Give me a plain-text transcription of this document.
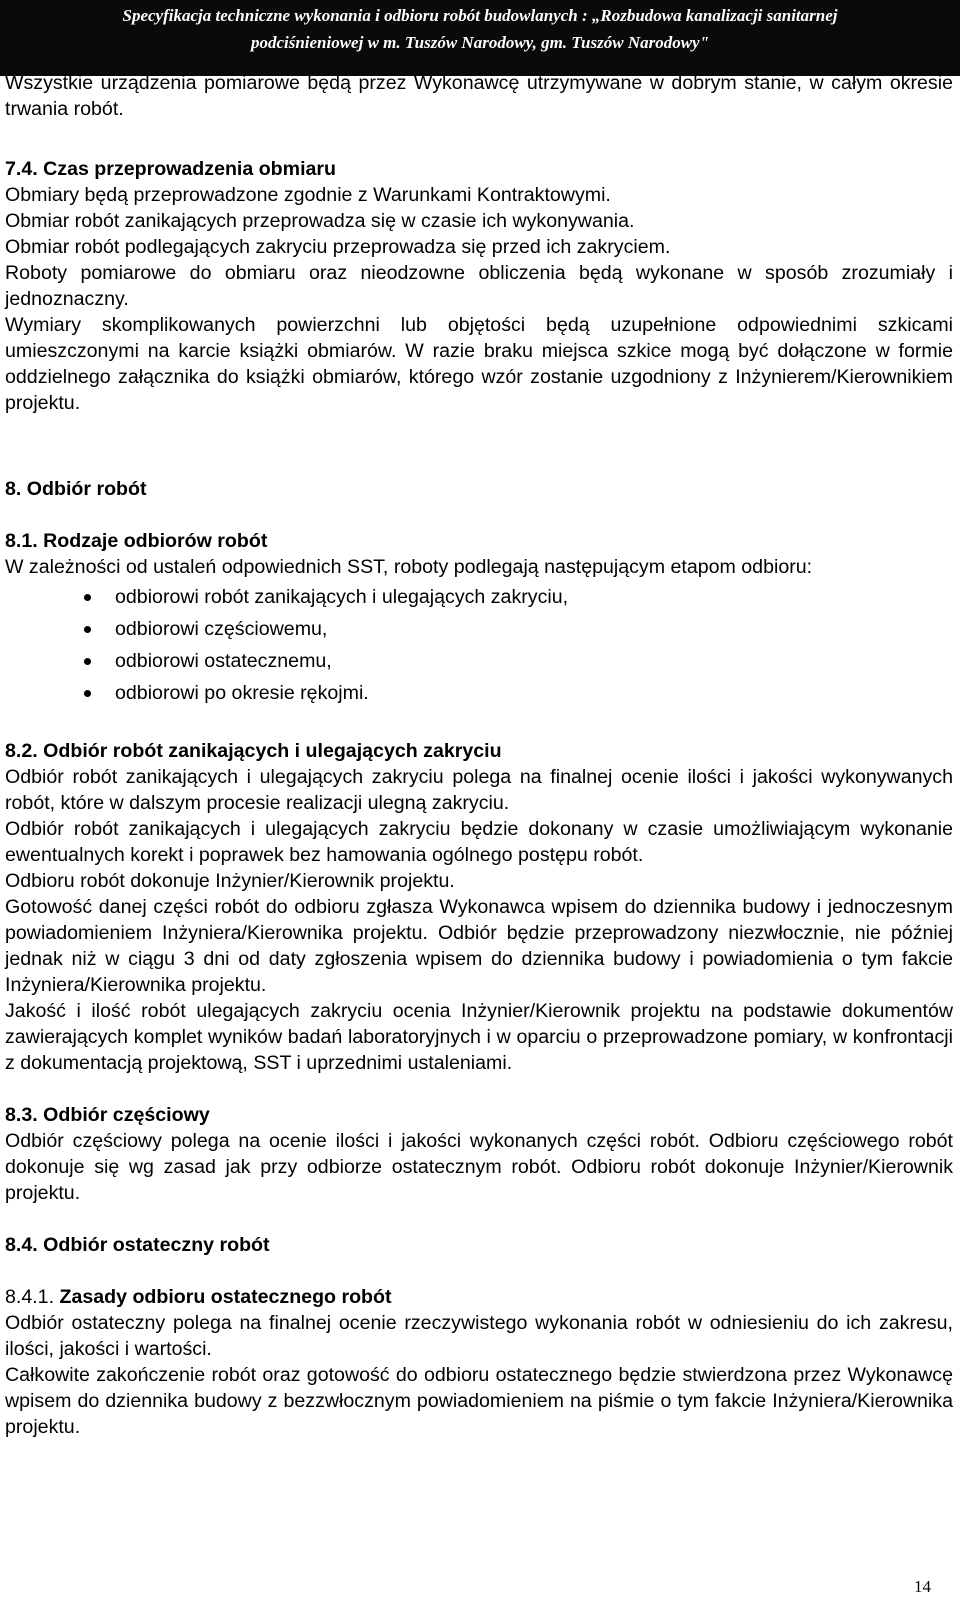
Specyfikacja techniczne wykonania i odbioru robót budowlanych : „Rozbudowa kanalizacji sanitarnej
podciśnieniowej w m. Tuszów Narodowy, gm. Tuszów Narodowy"

Wszystkie urządzenia pomiarowe będą przez Wykonawcę utrzymywane w dobrym stanie, w całym okresie trwania robót.

7.4. Czas przeprowadzenia obmiaru

Obmiary będą przeprowadzone zgodnie z Warunkami Kontraktowymi.

Obmiar robót zanikających przeprowadza się w czasie ich wykonywania.

Obmiar robót podlegających zakryciu przeprowadza się przed ich zakryciem.

Roboty pomiarowe do obmiaru oraz nieodzowne obliczenia będą wykonane w sposób zrozumiały i jednoznaczny.

Wymiary skomplikowanych powierzchni lub objętości będą uzupełnione odpowiednimi szkicami umieszczonymi na karcie książki obmiarów. W razie braku miejsca szkice mogą być dołączone w formie oddzielnego załącznika do książki obmiarów, którego wzór zostanie uzgodniony z Inżynierem/Kierownikiem projektu.

8. Odbiór robót

8.1. Rodzaje odbiorów robót

W zależności od ustaleń odpowiednich SST, roboty podlegają następującym etapom odbioru:

odbiorowi robót zanikających i ulegających zakryciu,
odbiorowi częściowemu,
odbiorowi ostatecznemu,
odbiorowi po okresie rękojmi.

8.2. Odbiór robót zanikających i ulegających zakryciu

Odbiór robót zanikających i ulegających zakryciu polega na finalnej ocenie ilości i jakości wykonywanych robót, które w dalszym procesie realizacji ulegną zakryciu.

Odbiór robót zanikających i ulegających zakryciu będzie dokonany w czasie umożliwiającym wykonanie ewentualnych korekt i poprawek bez hamowania ogólnego postępu robót.

Odbioru robót dokonuje Inżynier/Kierownik projektu.

Gotowość danej części robót do odbioru zgłasza Wykonawca wpisem do dziennika budowy i jednoczesnym powiadomieniem Inżyniera/Kierownika projektu. Odbiór będzie przeprowadzony niezwłocznie, nie później jednak niż w ciągu 3 dni od daty zgłoszenia wpisem do dziennika budowy i powiadomienia o tym fakcie Inżyniera/Kierownika projektu.

Jakość i ilość robót ulegających zakryciu ocenia Inżynier/Kierownik projektu na podstawie dokumentów zawierających komplet wyników badań laboratoryjnych i w oparciu o przeprowadzone pomiary, w konfrontacji z dokumentacją projektową, SST i uprzednimi ustaleniami.

8.3. Odbiór częściowy

Odbiór częściowy polega na ocenie ilości i jakości wykonanych części robót. Odbioru częściowego robót dokonuje się wg zasad jak przy odbiorze ostatecznym robót. Odbioru robót dokonuje Inżynier/Kierownik projektu.

8.4. Odbiór ostateczny robót

8.4.1. Zasady odbioru ostatecznego robót

Odbiór ostateczny polega na finalnej ocenie rzeczywistego wykonania robót w odniesieniu do ich zakresu, ilości, jakości i wartości.

Całkowite zakończenie robót oraz gotowość do odbioru ostatecznego będzie stwierdzona przez Wykonawcę wpisem do dziennika budowy z bezzwłocznym powiadomieniem na piśmie o tym fakcie Inżyniera/Kierownika projektu.

14
